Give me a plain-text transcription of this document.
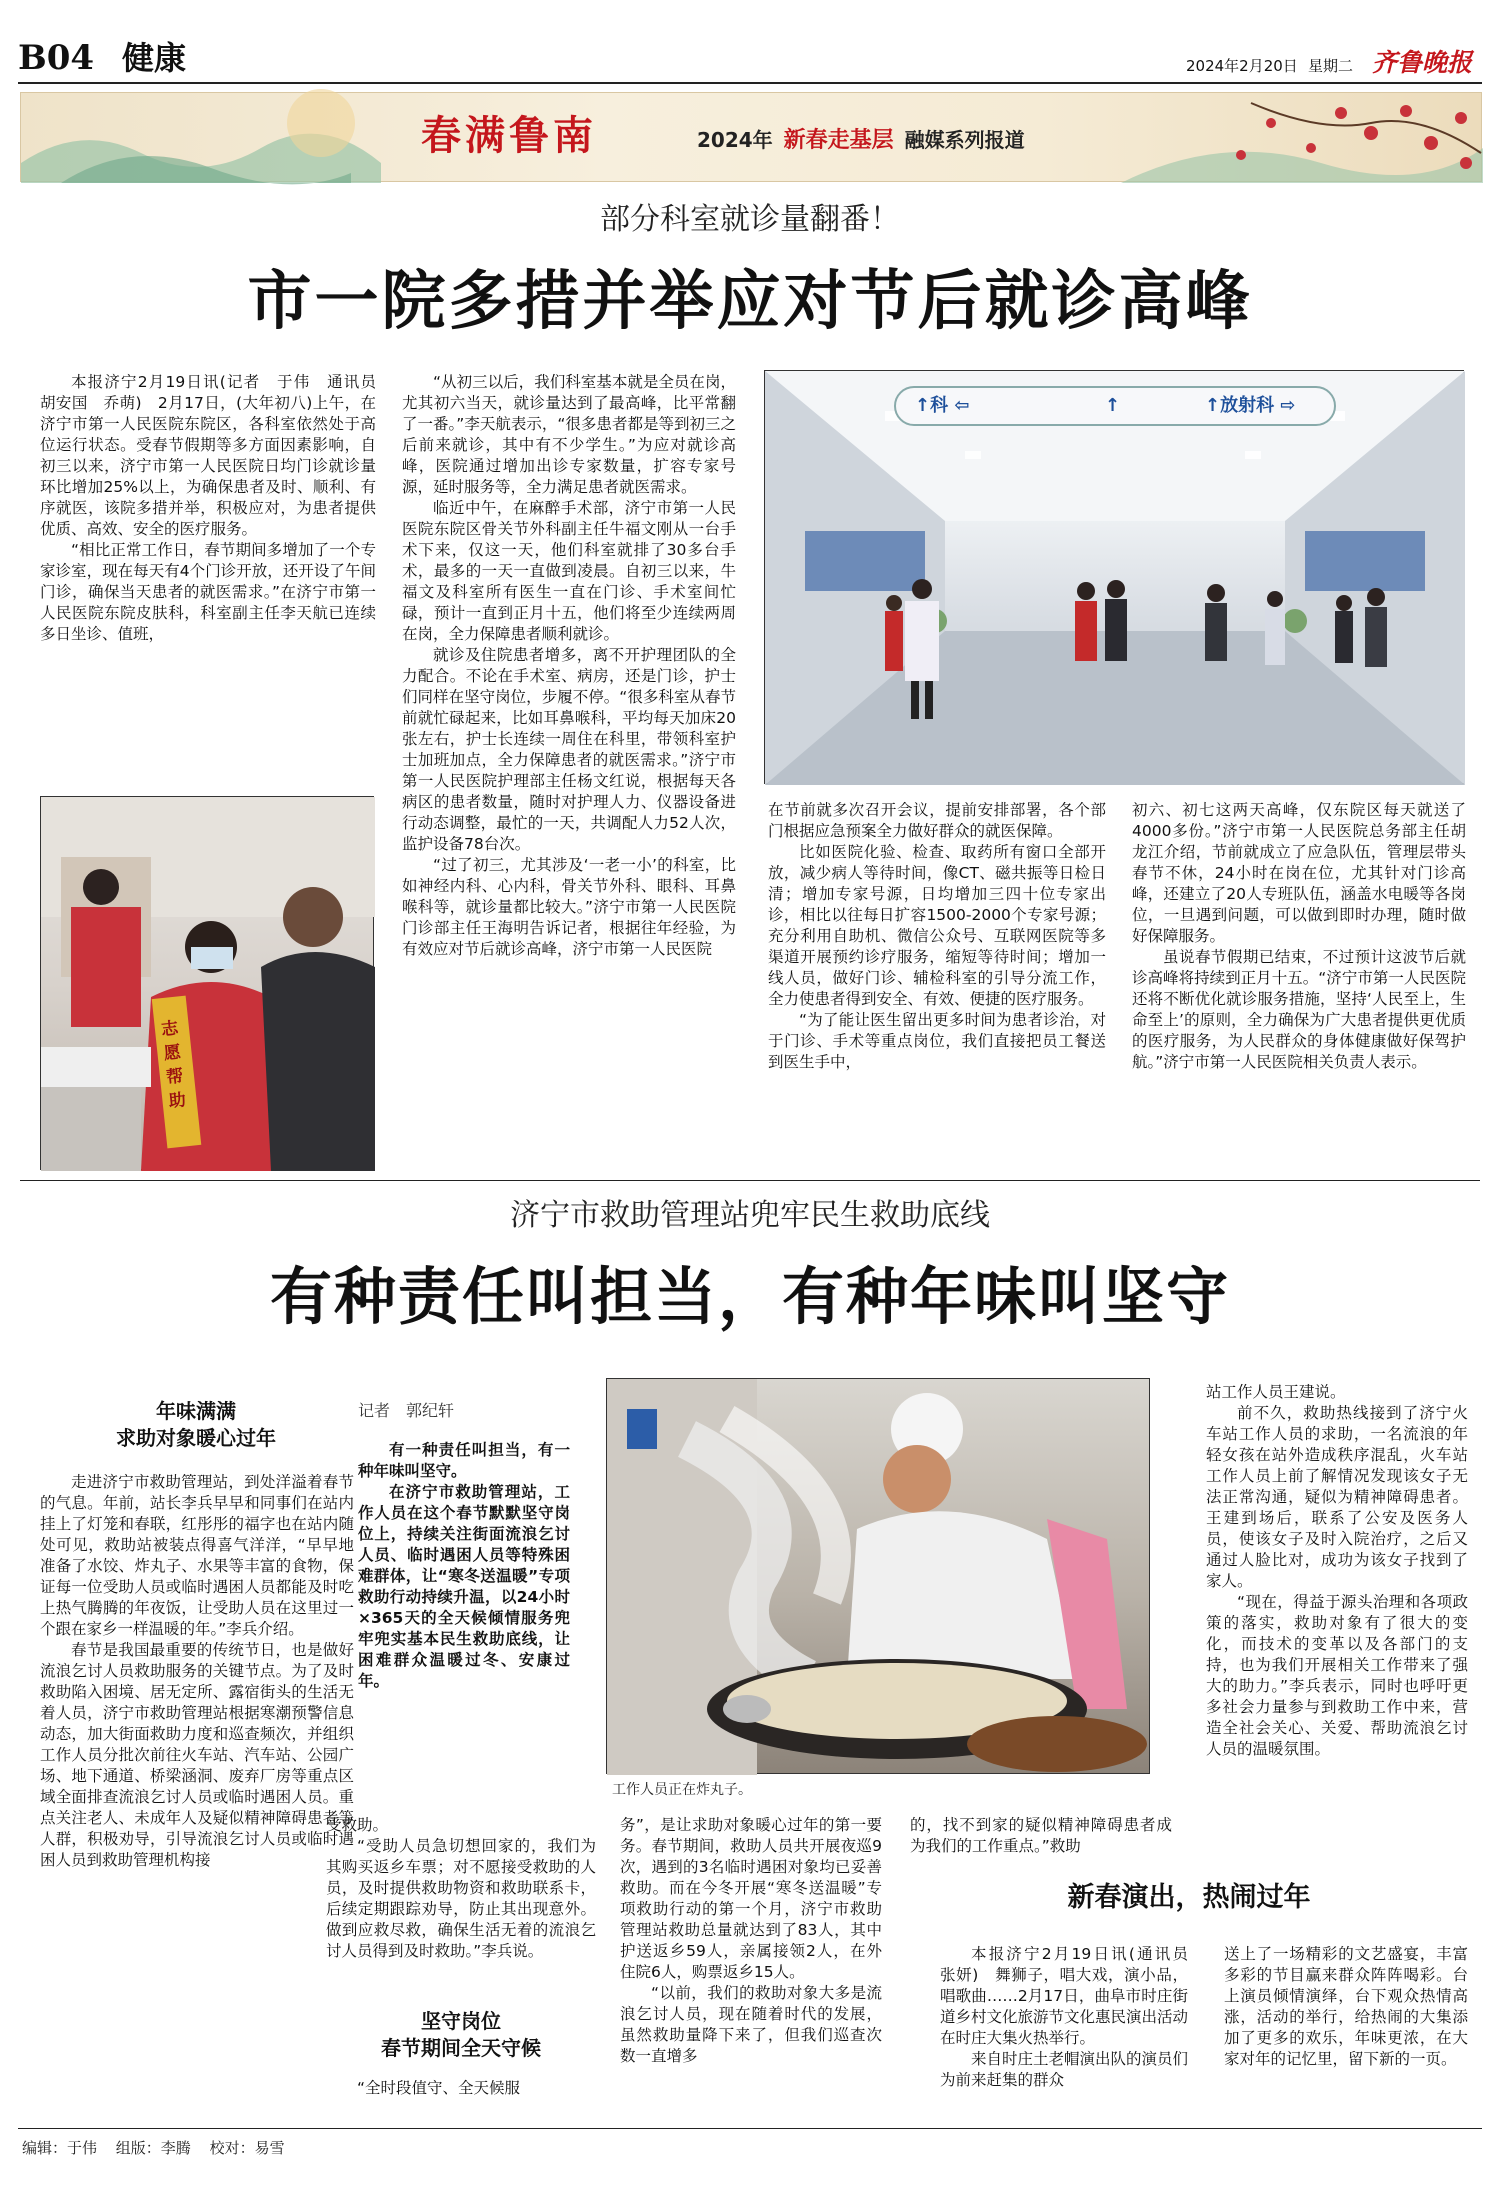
B04 健康	2024年2月20日 星期二 齐鲁晚报
春满鲁南	2024年 新春走基层 融媒系列报道
部分科室就诊量翻番！
市一院多措并举应对节后就诊高峰

本报济宁2月19日讯(记者　于伟　通讯员　胡安国　乔萌)　2月17日，(大年初八)上午，在济宁市第一人民医院东院区，各科室依然处于高位运行状态。受春节假期等多方面因素影响，自初三以来，济宁市第一人民医院日均门诊就诊量环比增加25%以上，为确保患者及时、顺利、有序就医，该院多措并举，积极应对，为患者提供优质、高效、安全的医疗服务。

“相比正常工作日，春节期间多增加了一个专家诊室，现在每天有4个门诊开放，还开设了午间门诊，确保当天患者的就医需求。”在济宁市第一人民医院东院皮肤科，科室副主任李天航已连续多日坐诊、值班，

“从初三以后，我们科室基本就是全员在岗，尤其初六当天，就诊量达到了最高峰，比平常翻了一番。”李天航表示，“很多患者都是等到初三之后前来就诊，其中有不少学生。”为应对就诊高峰，医院通过增加出诊专家数量，扩容专家号源，延时服务等，全力满足患者就医需求。

临近中午，在麻醉手术部，济宁市第一人民医院东院区骨关节外科副主任牛福文刚从一台手术下来，仅这一天，他们科室就排了30多台手术，最多的一天一直做到凌晨。自初三以来，牛福文及科室所有医生一直在门诊、手术室间忙碌，预计一直到正月十五，他们将至少连续两周在岗，全力保障患者顺利就诊。

就诊及住院患者增多，离不开护理团队的全力配合。不论在手术室、病房，还是门诊，护士们同样在坚守岗位，步履不停。“很多科室从春节前就忙碌起来，比如耳鼻喉科，平均每天加床20张左右，护士长连续一周住在科里，带领科室护士加班加点，全力保障患者的就医需求。”济宁市第一人民医院护理部主任杨文红说，根据每天各病区的患者数量，随时对护理人力、仪器设备进行动态调整，最忙的一天，共调配人力52人次，监护设备78台次。

“过了初三，尤其涉及‘一老一小’的科室，比如神经内科、心内科，骨关节外科、眼科、耳鼻喉科等，就诊量都比较大。”济宁市第一人民医院门诊部主任王海明告诉记者，根据往年经验，为有效应对节后就诊高峰，济宁市第一人民医院

↑科 ⇦	↑	↑放射科 ⇨
志愿帮助

在节前就多次召开会议，提前安排部署，各个部门根据应急预案全力做好群众的就医保障。

比如医院化验、检查、取药所有窗口全部开放，减少病人等待时间，像CT、磁共振等日检日清；增加专家号源，日均增加三四十位专家出诊，相比以往每日扩容1500-2000个专家号源；充分利用自助机、微信公众号、互联网医院等多渠道开展预约诊疗服务，缩短等待时间；增加一线人员，做好门诊、辅检科室的引导分流工作，全力使患者得到安全、有效、便捷的医疗服务。

“为了能让医生留出更多时间为患者诊治，对于门诊、手术等重点岗位，我们直接把员工餐送到医生手中，

初六、初七这两天高峰，仅东院区每天就送了4000多份。”济宁市第一人民医院总务部主任胡龙江介绍，节前就成立了应急队伍，管理层带头春节不休，24小时在岗在位，尤其针对门诊高峰，还建立了20人专班队伍，涵盖水电暖等各岗位，一旦遇到问题，可以做到即时办理，随时做好保障服务。

虽说春节假期已结束，不过预计这波节后就诊高峰将持续到正月十五。“济宁市第一人民医院还将不断优化就诊服务措施，坚持‘人民至上，生命至上’的原则，全力确保为广大患者提供更优质的医疗服务，为人民群众的身体健康做好保驾护航。”济宁市第一人民医院相关负责人表示。

济宁市救助管理站兜牢民生救助底线
有种责任叫担当，有种年味叫坚守
年味满满
求助对象暖心过年

走进济宁市救助管理站，到处洋溢着春节的气息。年前，站长李兵早早和同事们在站内挂上了灯笼和春联，红彤彤的福字也在站内随处可见，救助站被装点得喜气洋洋，“早早地准备了水饺、炸丸子、水果等丰富的食物，保证每一位受助人员或临时遇困人员都能及时吃上热气腾腾的年夜饭，让受助人员在这里过一个跟在家乡一样温暖的年。”李兵介绍。

春节是我国最重要的传统节日，也是做好流浪乞讨人员救助服务的关键节点。为了及时救助陷入困境、居无定所、露宿街头的生活无着人员，济宁市救助管理站根据寒潮预警信息动态，加大街面救助力度和巡查频次，并组织工作人员分批次前往火车站、汽车站、公园广场、地下通道、桥梁涵洞、废弃厂房等重点区域全面排查流浪乞讨人员或临时遇困人员。重点关注老人、未成年人及疑似精神障碍患者等人群，积极劝导，引导流浪乞讨人员或临时遇困人员到救助管理机构接

记者　郭纪轩

有一种责任叫担当，有一种年味叫坚守。

在济宁市救助管理站，工作人员在这个春节默默坚守岗位上，持续关注街面流浪乞讨人员、临时遇困人员等特殊困难群体，让“寒冬送温暖”专项救助行动持续升温，以24小时×365天的全天候倾情服务兜牢兜实基本民生救助底线，让困难群众温暖过冬、安康过年。

工作人员正在炸丸子。

受救助。

“受助人员急切想回家的，我们为其购买返乡车票；对不愿接受救助的人员，及时提供救助物资和救助联系卡，后续定期跟踪劝导，防止其出现意外。做到应救尽救，确保生活无着的流浪乞讨人员得到及时救助。”李兵说。

坚守岗位
春节期间全天守候

“全时段值守、全天候服

务”，是让求助对象暖心过年的第一要务。春节期间，救助人员共开展夜巡9次，遇到的3名临时遇困对象均已妥善救助。而在今冬开展“寒冬送温暖”专项救助行动的第一个月，济宁市救助管理站救助总量就达到了83人，其中护送返乡59人，亲属接领2人，在外住院6人，购票返乡15人。

“以前，我们的救助对象大多是流浪乞讨人员，现在随着时代的发展，虽然救助量降下来了，但我们巡查次数一直增多

的，找不到家的疑似精神障碍患者成为我们的工作重点。”救助

站工作人员王建说。

前不久，救助热线接到了济宁火车站工作人员的求助，一名流浪的年轻女孩在站外造成秩序混乱，火车站工作人员上前了解情况发现该女子无法正常沟通，疑似为精神障碍患者。王建到场后，联系了公安及医务人员，使该女子及时入院治疗，之后又通过人脸比对，成功为该女子找到了家人。

“现在，得益于源头治理和各项政策的落实，救助对象有了很大的变化，而技术的变革以及各部门的支持，也为我们开展相关工作带来了强大的助力。”李兵表示，同时也呼吁更多社会力量参与到救助工作中来，营造全社会关心、关爱、帮助流浪乞讨人员的温暖氛围。

新春演出，热闹过年

本报济宁2月19日讯(通讯员　张妍)　舞狮子，唱大戏，演小品，唱歌曲……2月17日，曲阜市时庄街道乡村文化旅游节文化惠民演出活动在时庄大集火热举行。

来自时庄土老帽演出队的演员们为前来赶集的群众

送上了一场精彩的文艺盛宴，丰富多彩的节目赢来群众阵阵喝彩。台上演员倾情演绎，台下观众热情高涨，活动的举行，给热闹的大集添加了更多的欢乐，年味更浓，在大家对年的记忆里，留下新的一页。

编辑：于伟 组版：李腾 校对：易雪
